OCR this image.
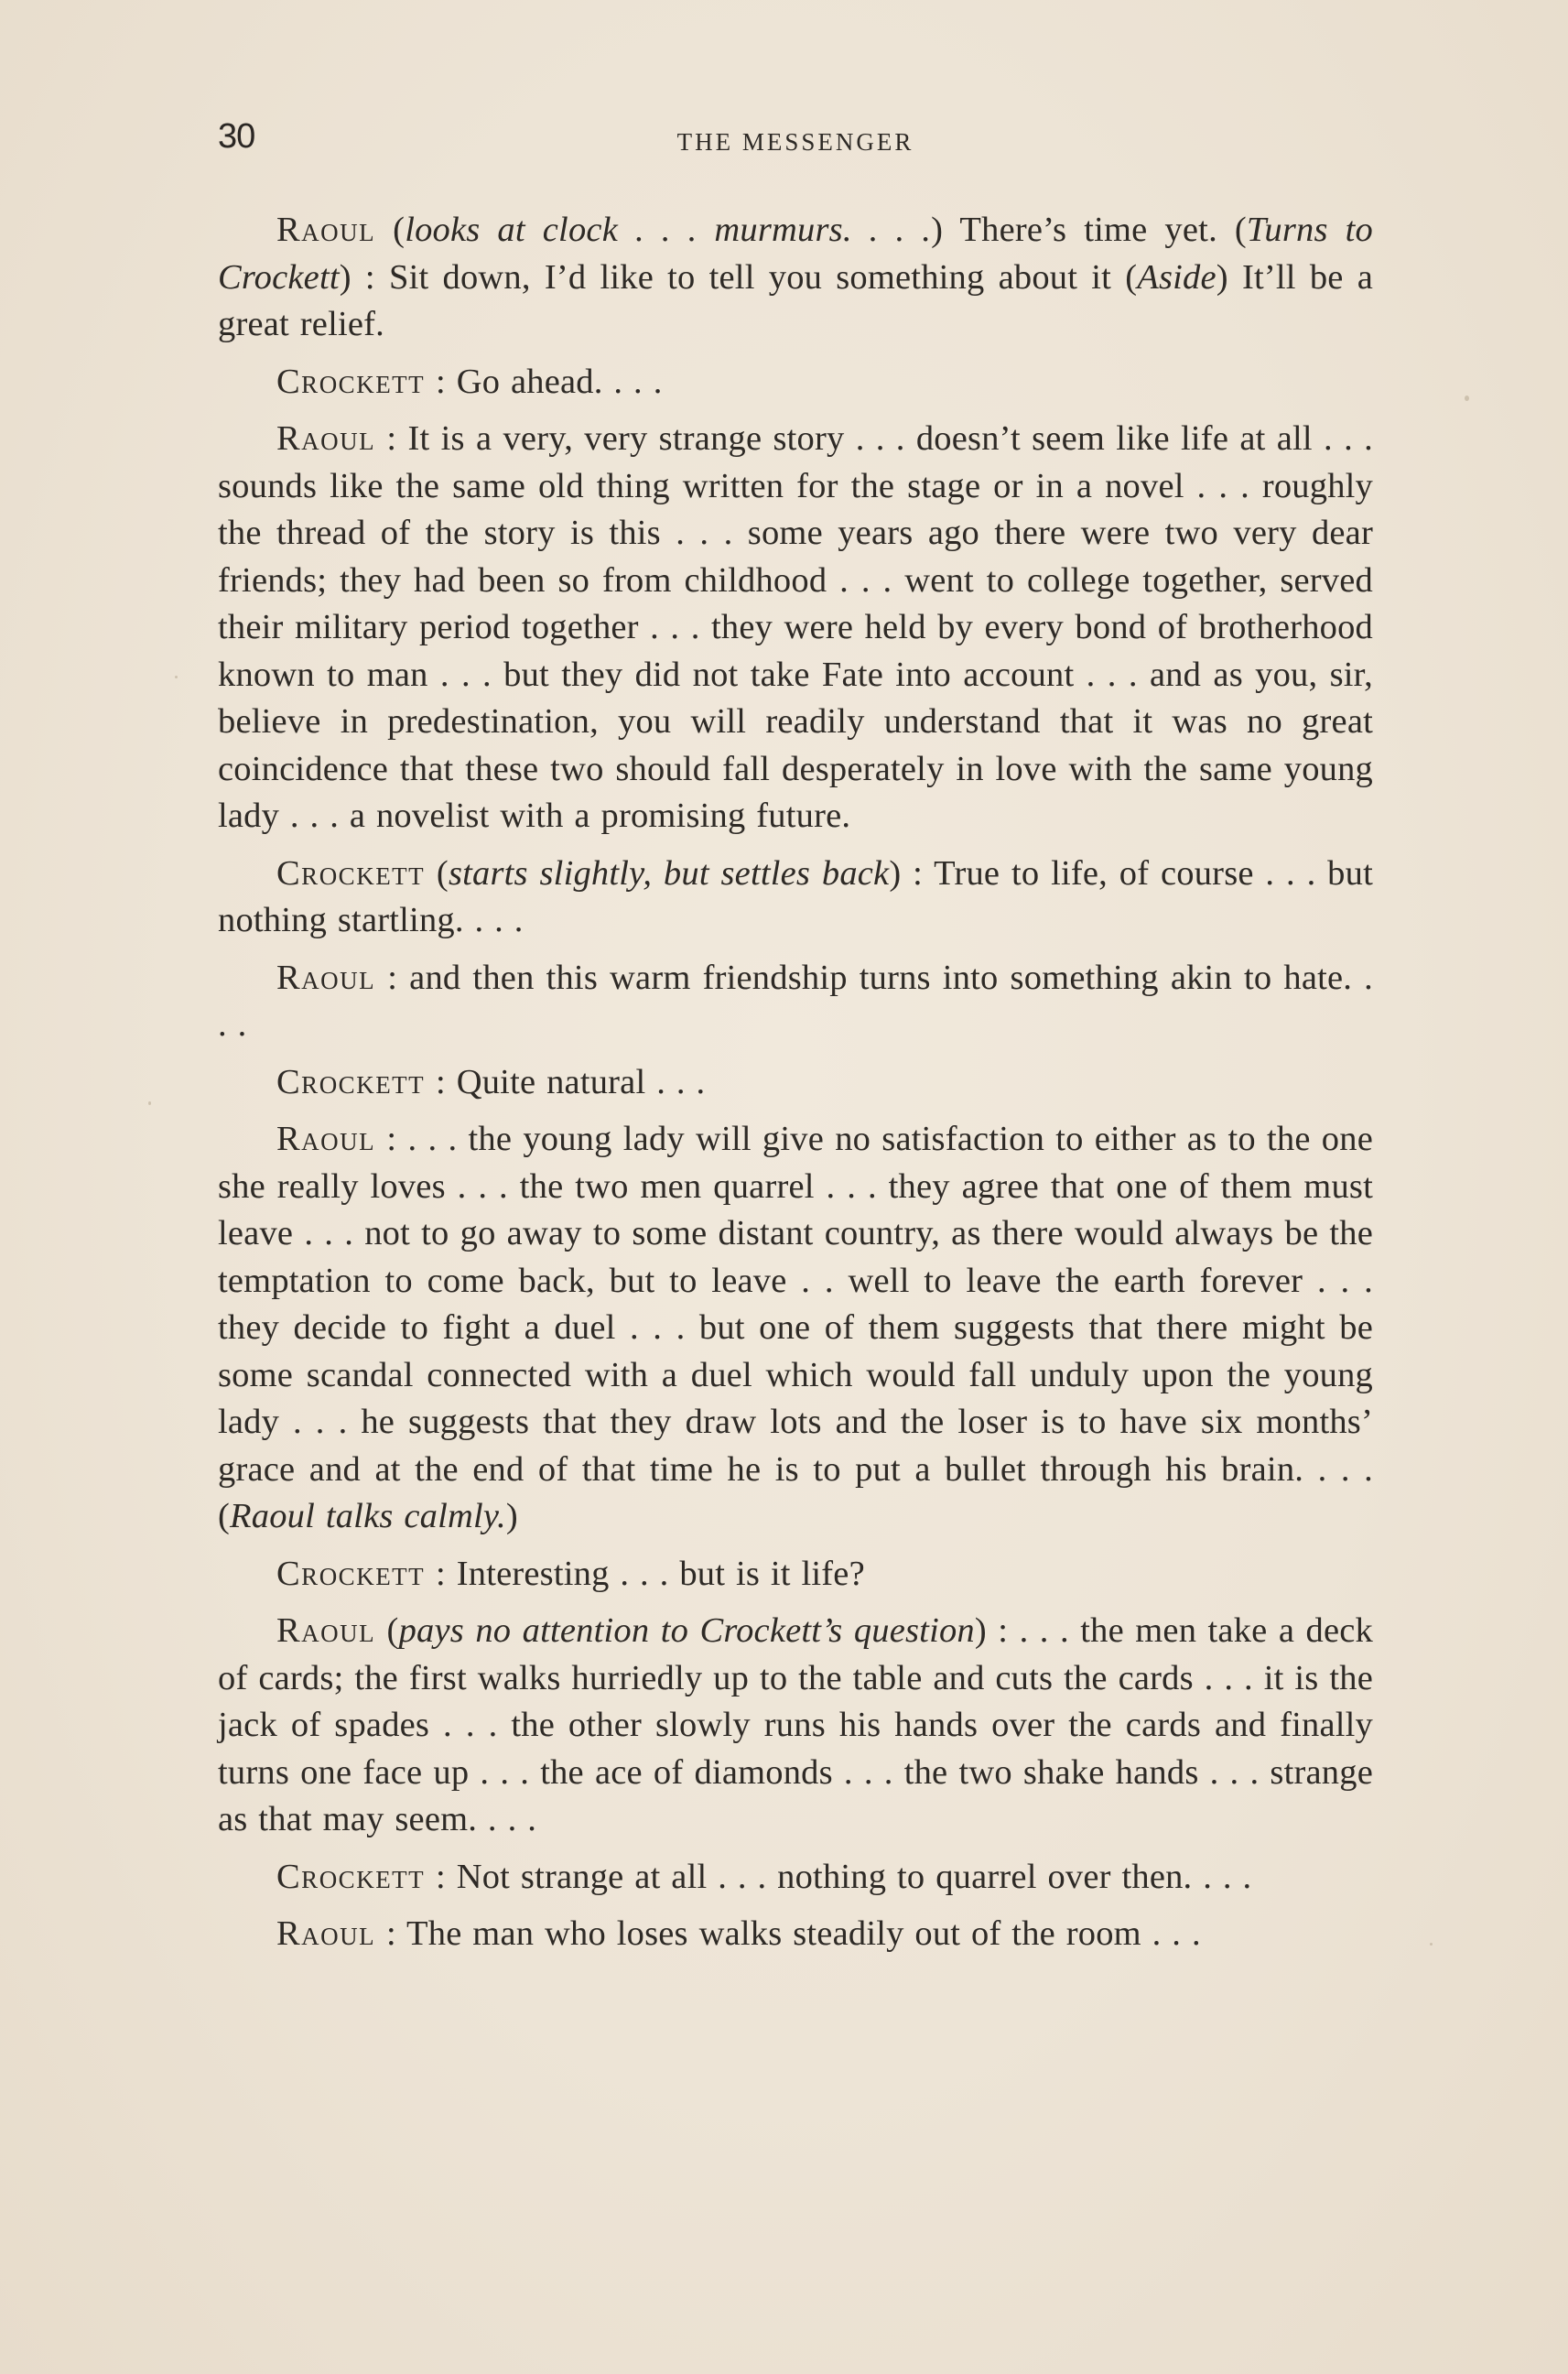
30	THE MESSENGER

Raoul (looks at clock . . . murmurs. . . .) There’s time yet. (Turns to Crockett) : Sit down, I’d like to tell you something about it (Aside) It’ll be a great relief.

Crockett : Go ahead. . . .

Raoul : It is a very, very strange story . . . doesn’t seem like life at all . . . sounds like the same old thing written for the stage or in a novel . . . roughly the thread of the story is this . . . some years ago there were two very dear friends; they had been so from childhood . . . went to college together, served their military period together . . . they were held by every bond of brotherhood known to man . . . but they did not take Fate into account . . . and as you, sir, believe in predestination, you will readily understand that it was no great coincidence that these two should fall desperately in love with the same young lady . . . a novelist with a promising future.

Crockett (starts slightly, but settles back) : True to life, of course . . . but nothing startling. . . .

Raoul : and then this warm friendship turns into something akin to hate. . . .

Crockett : Quite natural . . .

Raoul : . . . the young lady will give no satisfaction to either as to the one she really loves . . . the two men quarrel . . . they agree that one of them must leave . . . not to go away to some distant country, as there would always be the temptation to come back, but to leave . . well to leave the earth forever . . . they decide to fight a duel . . . but one of them suggests that there might be some scandal connected with a duel which would fall unduly upon the young lady . . . he suggests that they draw lots and the loser is to have six months’ grace and at the end of that time he is to put a bullet through his brain. . . .(Raoul talks calmly.)

Crockett : Interesting . . . but is it life?

Raoul (pays no attention to Crockett’s question) : . . . the men take a deck of cards; the first walks hurriedly up to the table and cuts the cards . . . it is the jack of spades . . . the other slowly runs his hands over the cards and finally turns one face up . . . the ace of diamonds . . . the two shake hands . . . strange as that may seem. . . .

Crockett : Not strange at all . . . nothing to quarrel over then. . . .

Raoul : The man who loses walks steadily out of the room . . .
